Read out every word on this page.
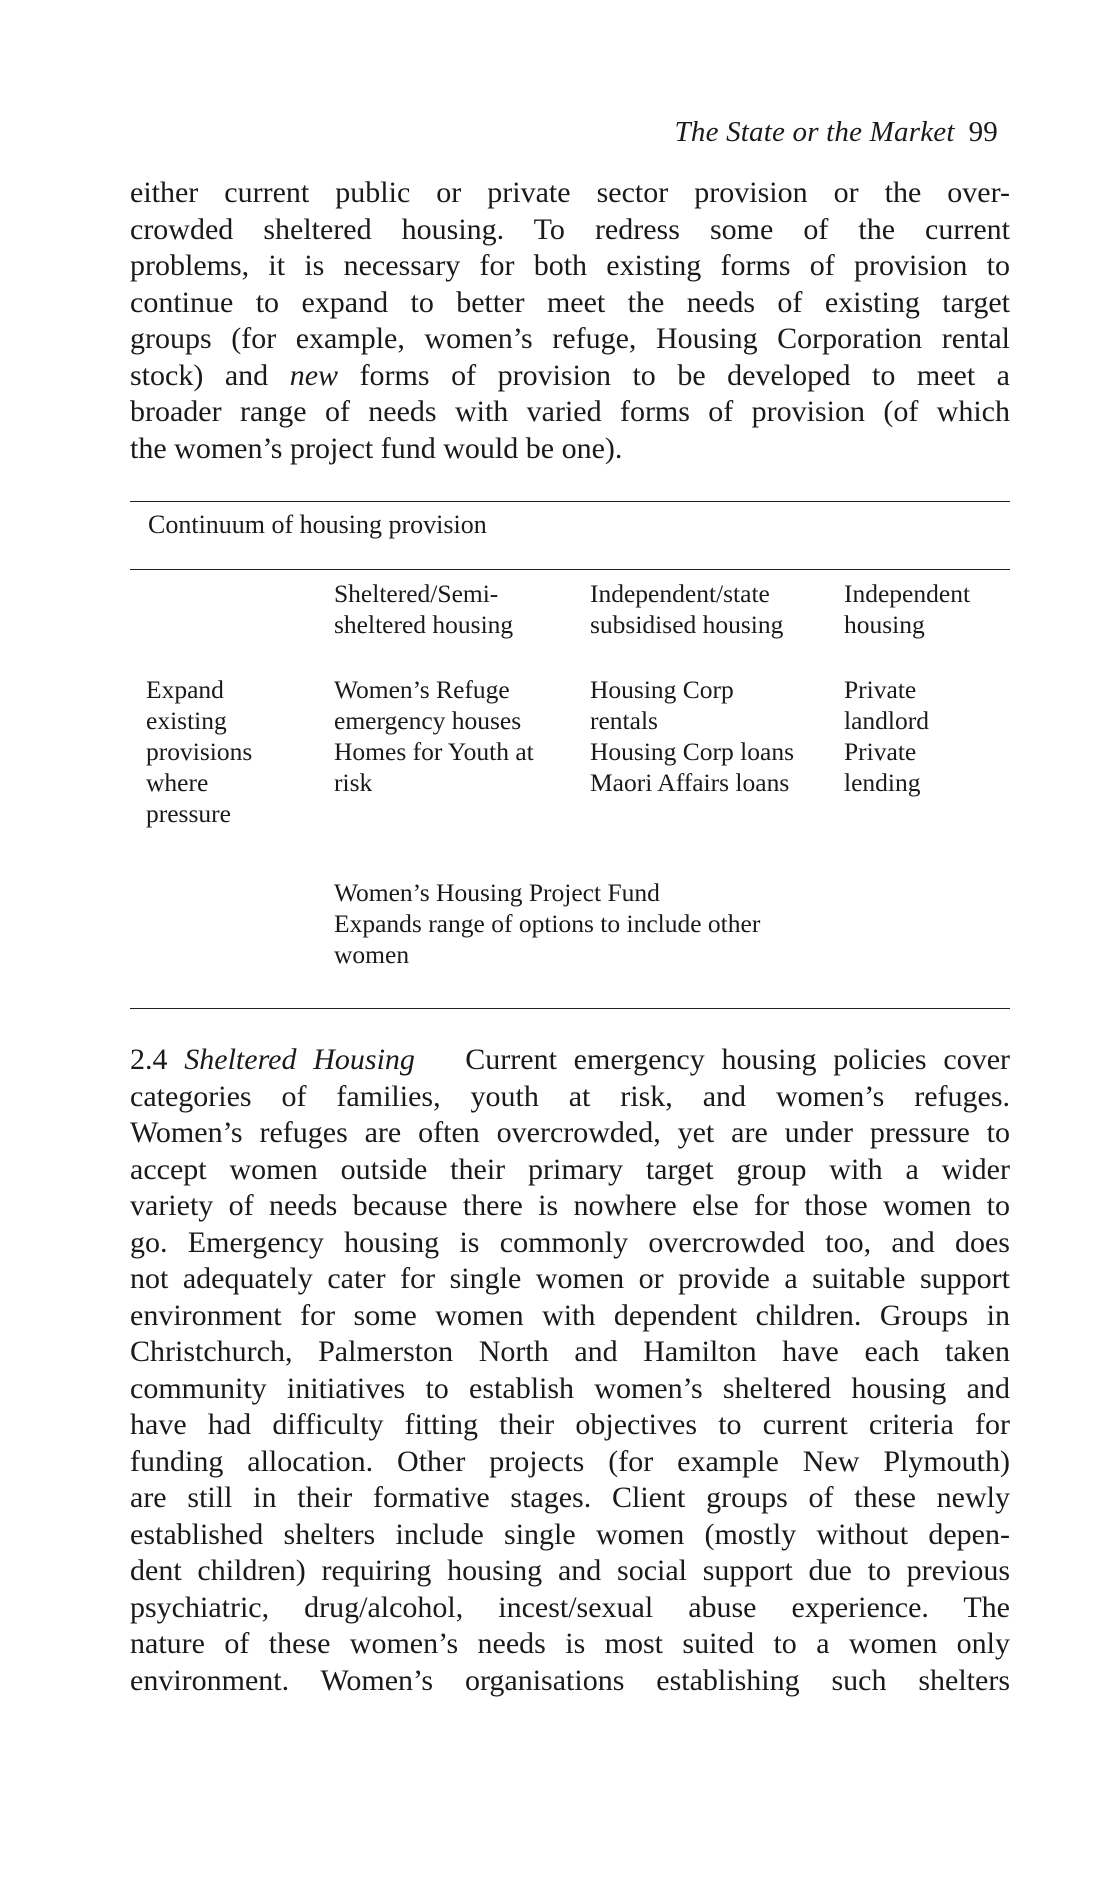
The State or the Market 99
either current public or private sector provision or the over-
crowded sheltered housing. To redress some of the current
problems, it is necessary for both existing forms of provision to
continue to expand to better meet the needs of existing target
groups (for example, women’s refuge, Housing Corporation rental
stock) and new forms of provision to be developed to meet a
broader range of needs with varied forms of provision (of which
the women’s project fund would be one).
Continuum of housing provision
Sheltered/Semi-
sheltered housing
Independent/state
subsidised housing
Independent
housing
Expand
existing
provisions
where
pressure
Women’s Refuge
emergency houses
Homes for Youth at
risk
Housing Corp
rentals
Housing Corp loans
Maori Affairs loans
Private
landlord
Private
lending
Women’s Housing Project Fund
Expands range of options to include other
women
2.4 Sheltered Housing Current emergency housing policies cover
categories of families, youth at risk, and women’s refuges.
Women’s refuges are often overcrowded, yet are under pressure to
accept women outside their primary target group with a wider
variety of needs because there is nowhere else for those women to
go. Emergency housing is commonly overcrowded too, and does
not adequately cater for single women or provide a suitable support
environment for some women with dependent children. Groups in
Christchurch, Palmerston North and Hamilton have each taken
community initiatives to establish women’s sheltered housing and
have had difficulty fitting their objectives to current criteria for
funding allocation. Other projects (for example New Plymouth)
are still in their formative stages. Client groups of these newly
established shelters include single women (mostly without depen-
dent children) requiring housing and social support due to previous
psychiatric, drug/alcohol, incest/sexual abuse experience. The
nature of these women’s needs is most suited to a women only
environment. Women’s organisations establishing such shelters
